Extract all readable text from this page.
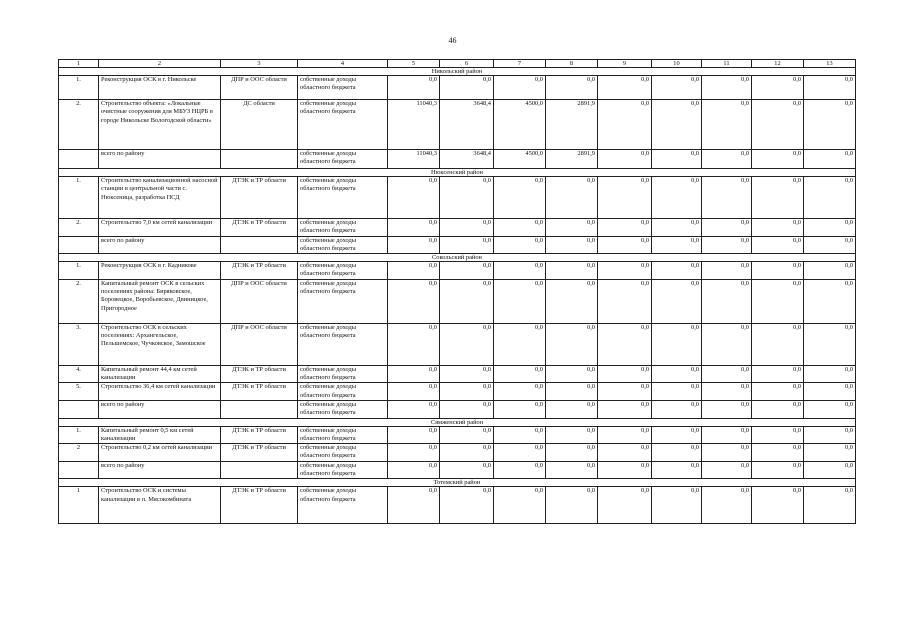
46
1	2	3	4	5	6	7	8	9	10	11	12	13
Никольский район												
1.	Реконструкция ОСК в г. Никольске	ДПР и ООС области	собственные доходы областного бюджета	0,0	0,0	0,0	0,0	0,0	0,0	0,0	0,0	0,0
2.	Строительство объекта: «Локальные очистные сооружения для МБУЗ НЦРБ в городе Никольске Вологодской области»	ДС области	собственные доходы областного бюджета	11040,3	3648,4	4500,0	2891,9	0,0	0,0	0,0	0,0	0,0
	всего по району		собственные доходы областного бюджета	11040,3	3648,4	4500,0	2891,9	0,0	0,0	0,0	0,0	0,0
Нюксенский район												
1.	Строительство канализационной насосной станции в центральной части с. Нюксеница, разработка ПСД	ДТЭК и ТР области	собственные доходы областного бюджета	0,0	0,0	0,0	0,0	0,0	0,0	0,0	0,0	0,0
2.	Строительство 7,0 км сетей канализации	ДТЭК и ТР области	собственные доходы областного бюджета	0,0	0,0	0,0	0,0	0,0	0,0	0,0	0,0	0,0
	всего по району		собственные доходы областного бюджета	0,0	0,0	0,0	0,0	0,0	0,0	0,0	0,0	0,0
Сокольский район												
1.	Реконструкция ОСК в г. Кадникове	ДТЭК и ТР области	собственные доходы областного бюджета	0,0	0,0	0,0	0,0	0,0	0,0	0,0	0,0	0,0
2.	Капитальный ремонт ОСК в сельских поселениях района: Биряковское, Боровецкое, Воробьевское, Двиницкое, Пригородное	ДПР и ООС области	собственные доходы областного бюджета	0,0	0,0	0,0	0,0	0,0	0,0	0,0	0,0	0,0
3.	Строительство ОСК в сельских поселениях: Архангельское, Пельшемское, Чучковское, Замошское	ДПР и ООС области	собственные доходы областного бюджета	0,0	0,0	0,0	0,0	0,0	0,0	0,0	0,0	0,0
4.	Капитальный ремонт 44,4 км сетей канализации	ДТЭК и ТР области	собственные доходы областного бюджета	0,0	0,0	0,0	0,0	0,0	0,0	0,0	0,0	0,0
5.	Строительство 36,4 км сетей канализации	ДТЭК и ТР области	собственные доходы областного бюджета	0,0	0,0	0,0	0,0	0,0	0,0	0,0	0,0	0,0
	всего по району		собственные доходы областного бюджета	0,0	0,0	0,0	0,0	0,0	0,0	0,0	0,0	0,0
Сямженский район												
1.	Капитальный ремонт 0,5 км сетей канализации	ДТЭК и ТР области	собственные доходы областного бюджета	0,0	0,0	0,0	0,0	0,0	0,0	0,0	0,0	0,0
2	Строительство 0,2 км сетей канализации	ДТЭК и ТР области	собственные доходы областного бюджета	0,0	0,0	0,0	0,0	0,0	0,0	0,0	0,0	0,0
	всего по району		собственные доходы областного бюджета	0,0	0,0	0,0	0,0	0,0	0,0	0,0	0,0	0,0
Тотемский район												
1	Строительство ОСК и системы канализации в п. Мясокомбината	ДТЭК и ТР области	собственные доходы областного бюджета	0,0	0,0	0,0	0,0	0,0	0,0	0,0	0,0	0,0
